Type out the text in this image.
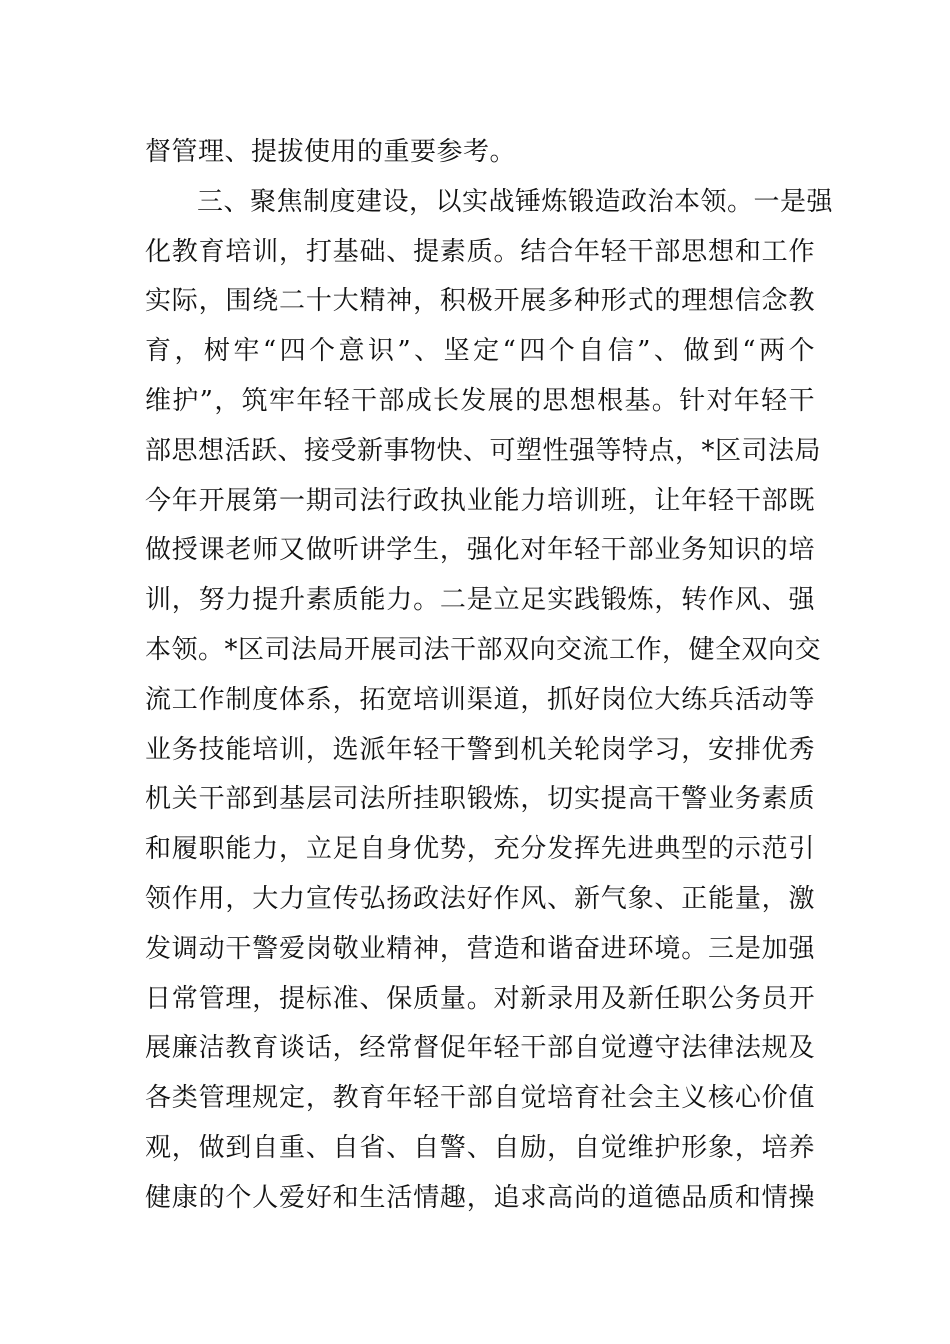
督管理、提拔使用的重要参考。
三、聚焦制度建设，以实战锤炼锻造政治本领。一是强
化教育培训，打基础、提素质。结合年轻干部思想和工作
实际，围绕二十大精神，积极开展多种形式的理想信念教
育，树牢“四个意识”、坚定“四个自信”、做到“两个
维护”，筑牢年轻干部成长发展的思想根基。针对年轻干
部思想活跃、接受新事物快、可塑性强等特点，*区司法局
今年开展第一期司法行政执业能力培训班，让年轻干部既
做授课老师又做听讲学生，强化对年轻干部业务知识的培
训，努力提升素质能力。二是立足实践锻炼，转作风、强
本领。*区司法局开展司法干部双向交流工作，健全双向交
流工作制度体系，拓宽培训渠道，抓好岗位大练兵活动等
业务技能培训，选派年轻干警到机关轮岗学习，安排优秀
机关干部到基层司法所挂职锻炼，切实提高干警业务素质
和履职能力，立足自身优势，充分发挥先进典型的示范引
领作用，大力宣传弘扬政法好作风、新气象、正能量，激
发调动干警爱岗敬业精神，营造和谐奋进环境。三是加强
日常管理，提标准、保质量。对新录用及新任职公务员开
展廉洁教育谈话，经常督促年轻干部自觉遵守法律法规及
各类管理规定，教育年轻干部自觉培育社会主义核心价值
观，做到自重、自省、自警、自励，自觉维护形象，培养
健康的个人爱好和生活情趣，追求高尚的道德品质和情操
